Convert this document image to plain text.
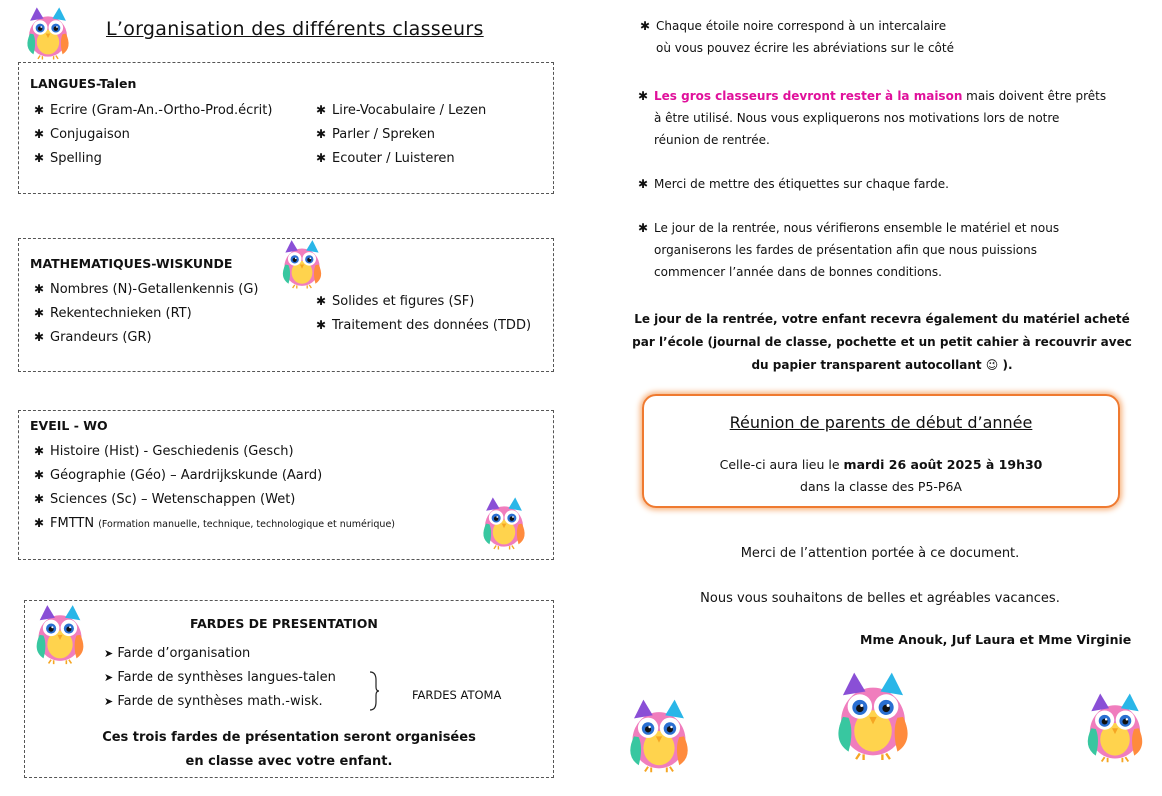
L’organisation des différents classeurs
LANGUES-Talen
✱ Ecrire (Gram-An.-Ortho-Prod.écrit)
✱ Conjugaison
✱ Spelling
✱ Lire-Vocabulaire / Lezen
✱ Parler / Spreken
✱ Ecouter / Luisteren
MATHEMATIQUES-WISKUNDE
✱ Nombres (N)-Getallenkennis (G)
✱ Rekentechnieken (RT)
✱ Grandeurs (GR)
✱ Solides et figures (SF)
✱ Traitement des données (TDD)
EVEIL - WO
✱ Histoire (Hist) - Geschiedenis (Gesch)
✱ Géographie (Géo) – Aardrijkskunde (Aard)
✱ Sciences (Sc) – Wetenschappen (Wet)
✱ FMTTN (Formation manuelle, technique, technologique et numérique)
FARDES DE PRESENTATION
➤ Farde d’organisation
➤ Farde de synthèses langues-talen
➤ Farde de synthèses math.-wisk.	FARDES ATOMA
Ces trois fardes de présentation seront organisées
en classe avec votre enfant.
✱ Chaque étoile noire correspond à un intercalaire
où vous pouvez écrire les abréviations sur le côté
✱ Les gros classeurs devront rester à la maison mais doivent être prêts
à être utilisé. Nous vous expliquerons nos motivations lors de notre
réunion de rentrée.
✱ Merci de mettre des étiquettes sur chaque farde.
✱ Le jour de la rentrée, nous vérifierons ensemble le matériel et nous
organiserons les fardes de présentation afin que nous puissions
commencer l’année dans de bonnes conditions.
Le jour de la rentrée, votre enfant recevra également du matériel acheté
par l’école (journal de classe, pochette et un petit cahier à recouvrir avec
du papier transparent autocollant 😉 ).
Réunion de parents de début d’année
Celle-ci aura lieu le mardi 26 août 2025 à 19h30
dans la classe des P5-P6A
Merci de l’attention portée à ce document.
Nous vous souhaitons de belles et agréables vacances.
Mme Anouk, Juf Laura et Mme Virginie
